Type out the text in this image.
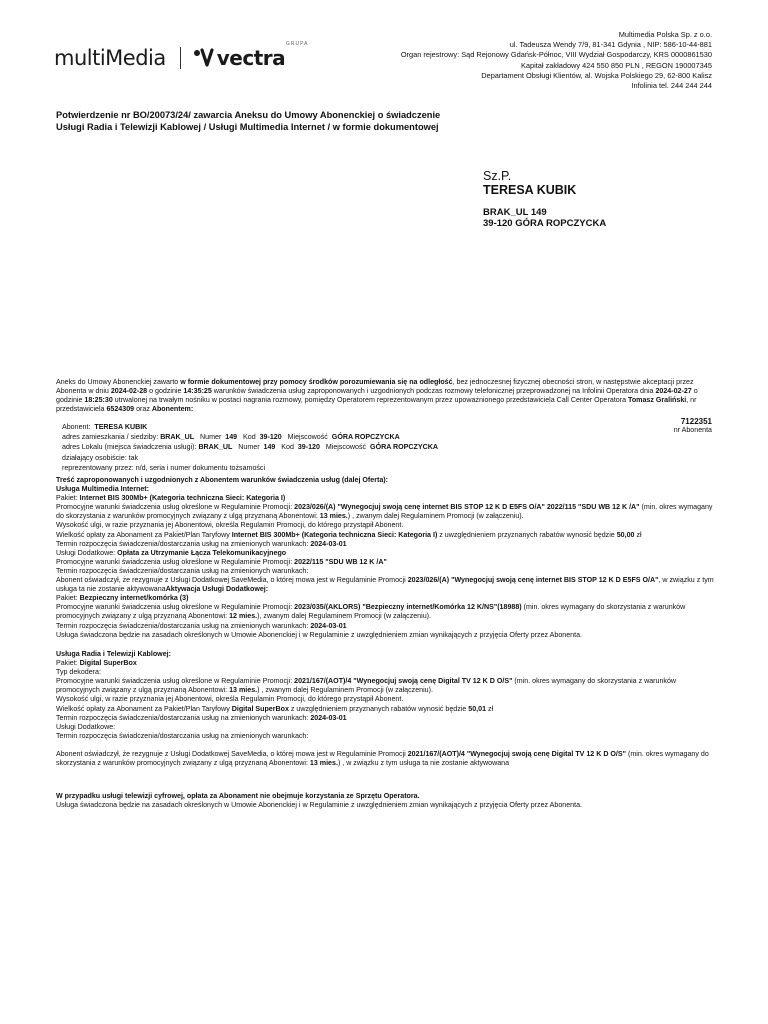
multiMedia
GRUPA
vectra
Multimedia Polska Sp. z o.o.
ul. Tadeusza Wendy 7/9, 81-341 Gdynia , NIP: 586-10-44-881
Organ rejestrowy: Sąd Rejonowy Gdańsk-Północ, VIII Wydział Gospodarczy, KRS 0000861530
Kapitał zakładowy 424 550 850 PLN , REGON 190007345
Departament Obsługi Klientów, al. Wojska Polskiego 29, 62-800 Kalisz
Infolinia tel. 244 244 244
Potwierdzenie nr BO/20073/24/ zawarcia Aneksu do Umowy Abonenckiej o świadczenie Usługi Radia i Telewizji Kablowej / Usługi Multimedia Internet / w formie dokumentowej
Sz.P.
TERESA KUBIK
BRAK_UL 149
39-120 GÓRA ROPCZYCKA

Aneks do Umowy Abonenckiej zawarto w formie dokumentowej przy pomocy środków porozumiewania się na odległość, bez jednoczesnej fizycznej obecności stron, w następstwie akceptacji przez Abonenta w dniu 2024-02-28 o godzinie 14:35:25 warunków świadczenia usług zaproponowanych i uzgodnionych podczas rozmowy telefonicznej przeprowadzonej na Infolinii Operatora dnia 2024-02-27 o godzinie 18:25:30 utrwalonej na trwałym nośniku w postaci nagrania rozmowy, pomiędzy Operatorem reprezentowanym przez upoważnionego przedstawiciela Call Center Operatora Tomasz Graliński, nr przedstawiciela 6524309 oraz Abonentem:

7122351
nr Abonenta
Abonent: TERESA KUBIK
adres zamieszkania / siedziby: BRAK_UL Numer 149 Kod 39-120 Miejscowość GÓRA ROPCZYCKA
adres Lokalu (miejsca świadczenia usługi): BRAK_UL Numer 149 Kod 39-120 Miejscowość GÓRA ROPCZYCKA
działający osobiście: tak
reprezentowany przez: n/d, seria i numer dokumentu tożsamości

Treść zaproponowanych i uzgodnionych z Abonentem warunków świadczenia usług (dalej Oferta):

Usługa Multimedia Internet:

Pakiet: Internet BIS 300Mb+ (Kategoria techniczna Sieci: Kategoria I)

Promocyjne warunki świadczenia usług określone w Regulaminie Promocji: 2023/026/(A) "Wynegocjuj swoją cenę internet BIS STOP 12 K D E5FS O/A" 2022/115 "SDU WB 12 K /A" (min. okres wymagany do skorzystania z warunków promocyjnych związany z ulgą przyznaną Abonentowi: 13 mies.) , zwanym dalej Regulaminem Promocji (w załączeniu).

Wysokość ulgi, w razie przyznania jej Abonentowi, określa Regulamin Promocji, do którego przystąpił Abonent.

Wielkość opłaty za Abonament za Pakiet/Plan Taryfowy Internet BIS 300Mb+ (Kategoria techniczna Sieci: Kategoria I) z uwzględnieniem przyznanych rabatów wynosić będzie 50,00 zł

Termin rozpoczęcia świadczenia/dostarczania usług na zmienionych warunkach: 2024-03-01

Usługi Dodatkowe: Opłata za Utrzymanie Łącza Telekomunikacyjnego

Promocyjne warunki świadczenia usług określone w Regulaminie Promocji: 2022/115 "SDU WB 12 K /A"

Termin rozpoczęcia świadczenia/dostarczania usług na zmienionych warunkach:

Abonent oświadczył, że rezygnuje z Usługi Dodatkowej SaveMedia, o której mowa jest w Regulaminie Promocji 2023/026/(A) "Wynegocjuj swoją cenę internet BIS STOP 12 K D E5FS O/A", w związku z tym usługa ta nie zostanie aktywowanaAktywacja Usługi Dodatkowej:

Pakiet: Bezpieczny internet/komórka (3)

Promocyjne warunki świadczenia usług określone w Regulaminie Promocji: 2023/035/(AKLORS) "Bezpieczny internet/Komórka 12 K/NS"(18988) (min. okres wymagany do skorzystania z warunków promocyjnych związany z ulgą przyznaną Abonentowi: 12 mies.), zwanym dalej Regulaminem Promocji (w załączeniu).

Termin rozpoczęcia świadczenia/dostarczania usług na zmienionych warunkach: 2024-03-01

Usługa świadczona będzie na zasadach określonych w Umowie Abonenckiej i w Regulaminie z uwzględnieniem zmian wynikających z przyjęcia Oferty przez Abonenta.

Usługa Radia i Telewizji Kablowej:

Pakiet: Digital SuperBox

Typ dekodera:

Promocyjne warunki świadczenia usług określone w Regulaminie Promocji: 2021/167/(AOT)/4 "Wynegocjuj swoją cenę Digital TV 12 K D O/S" (min. okres wymagany do skorzystania z warunków promocyjnych związany z ulgą przyznaną Abonentowi: 13 mies.) , zwanym dalej Regulaminem Promocji (w załączeniu).

Wysokość ulgi, w razie przyznania jej Abonentowi, określa Regulamin Promocji, do którego przystąpił Abonent.

Wielkość opłaty za Abonament za Pakiet/Plan Taryfowy Digital SuperBox z uwzględnieniem przyznanych rabatów wynosić będzie 50,01 zł

Termin rozpoczęcia świadczenia/dostarczania usług na zmienionych warunkach: 2024-03-01

Usługi Dodatkowe:

Termin rozpoczęcia świadczenia/dostarczania usług na zmienionych warunkach:

Abonent oświadczył, że rezygnuje z Usługi Dodatkowej SaveMedia, o której mowa jest w Regulaminie Promocji 2021/167/(AOT)/4 "Wynegocjuj swoją cenę Digital TV 12 K D O/S" (min. okres wymagany do skorzystania z warunków promocyjnych związany z ulgą przyznaną Abonentowi: 13 mies.) , w związku z tym usługa ta nie zostanie aktywowana

W przypadku usługi telewizji cyfrowej, opłata za Abonament nie obejmuje korzystania ze Sprzętu Operatora.

Usługa świadczona będzie na zasadach określonych w Umowie Abonenckiej i w Regulaminie z uwzględnieniem zmian wynikających z przyjęcia Oferty przez Abonenta.
